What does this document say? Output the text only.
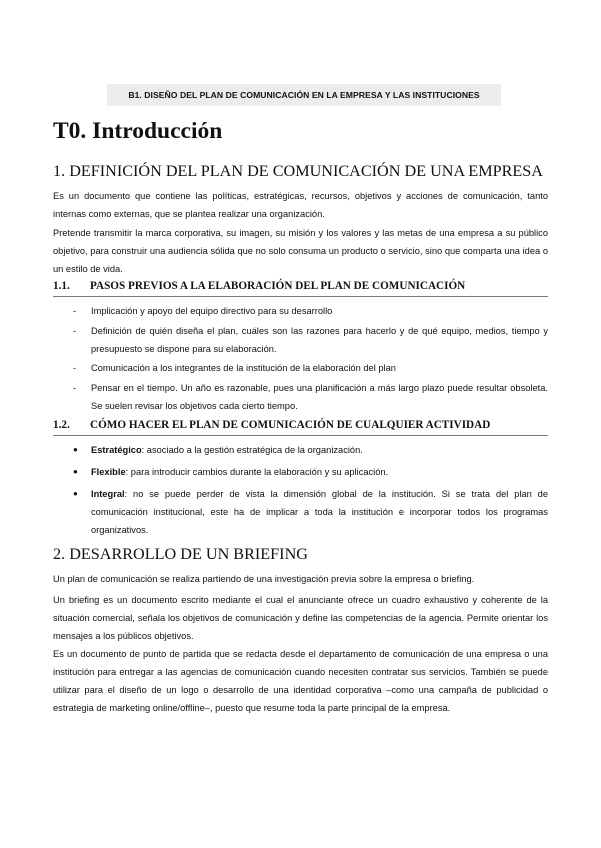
B1. DISEÑO DEL PLAN DE COMUNICACIÓN EN LA EMPRESA Y LAS INSTITUCIONES
T0. Introducción
1. DEFINICIÓN DEL PLAN DE COMUNICACIÓN DE UNA EMPRESA

Es un documento que contiene las políticas, estratégicas, recursos, objetivos y acciones de comunicación, tanto internas como externas, que se plantea realizar una organización.

Pretende transmitir la marca corporativa, su imagen, su misión y los valores y las metas de una empresa a su público objetivo, para construir una audiencia sólida que no solo consuma un producto o servicio, sino que comparta una idea o un estilo de vida.

1.1. PASOS PREVIOS A LA ELABORACIÓN DEL PLAN DE COMUNICACIÓN
-	Implicación y apoyo del equipo directivo para su desarrollo
-	Definición de quién diseña el plan, cuáles son las razones para hacerlo y de qué equipo, medios, tiempo y presupuesto se dispone para su elaboración.
-	Comunicación a los integrantes de la institución de la elaboración del plan
-	Pensar en el tiempo. Un año es razonable, pues una planificación a más largo plazo puede resultar obsoleta. Se suelen revisar los objetivos cada cierto tiempo.
1.2. CÓMO HACER EL PLAN DE COMUNICACIÓN DE CUALQUIER ACTIVIDAD
●	Estratégico: asociado a la gestión estratégica de la organización.
●	Flexible: para introducir cambios durante la elaboración y su aplicación.
●	Integral: no se puede perder de vista la dimensión global de la institución. Si se trata del plan de comunicación institucional, este ha de implicar a toda la institución e incorporar todos los programas organizativos.
2. DESARROLLO DE UN BRIEFING

Un plan de comunicación se realiza partiendo de una investigación previa sobre la empresa o briefing.

Un briefing es un documento escrito mediante el cual el anunciante ofrece un cuadro exhaustivo y coherente de la situación comercial, señala los objetivos de comunicación y define las competencias de la agencia. Permite orientar los mensajes a los públicos objetivos.

Es un documento de punto de partida que se redacta desde el departamento de comunicación de una empresa o una institución para entregar a las agencias de comunicación cuando necesiten contratar sus servicios. También se puede utilizar para el diseño de un logo o desarrollo de una identidad corporativa –como una campaña de publicidad o estrategia de marketing online/offline–, puesto que resume toda la parte principal de la empresa.
